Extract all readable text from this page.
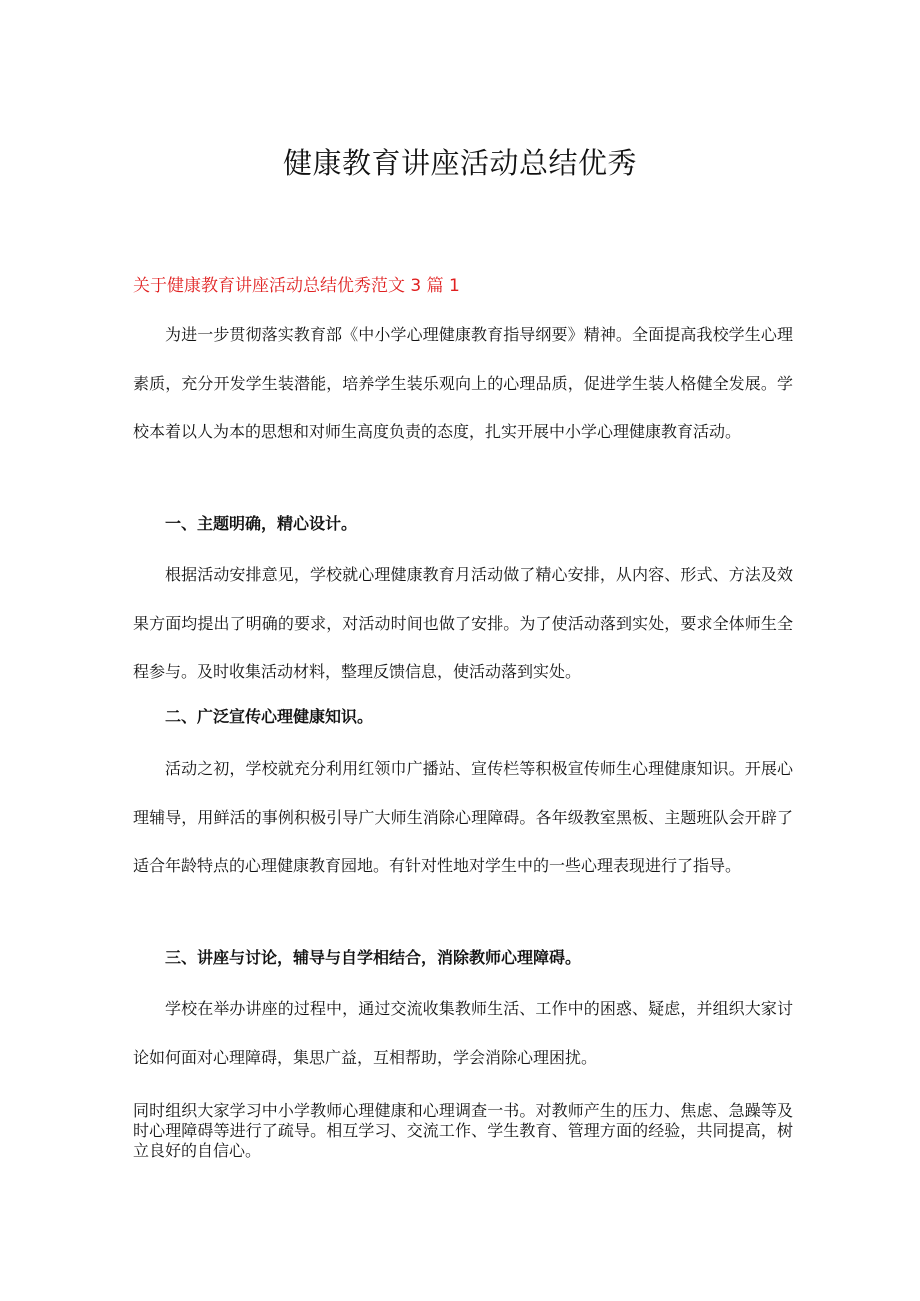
健康教育讲座活动总结优秀

关于健康教育讲座活动总结优秀范文 3 篇 1

为进一步贯彻落实教育部《中小学心理健康教育指导纲要》精神。全面提高我校学生心理素质，充分开发学生装潜能，培养学生装乐观向上的心理品质，促进学生装人格健全发展。学校本着以人为本的思想和对师生高度负责的态度，扎实开展中小学心理健康教育活动。

一、主题明确，精心设计。

根据活动安排意见，学校就心理健康教育月活动做了精心安排，从内容、形式、方法及效果方面均提出了明确的要求，对活动时间也做了安排。为了使活动落到实处，要求全体师生全程参与。及时收集活动材料，整理反馈信息，使活动落到实处。

二、广泛宣传心理健康知识。

活动之初，学校就充分利用红领巾广播站、宣传栏等积极宣传师生心理健康知识。开展心理辅导，用鲜活的事例积极引导广大师生消除心理障碍。各年级教室黑板、主题班队会开辟了适合年龄特点的心理健康教育园地。有针对性地对学生中的一些心理表现进行了指导。

三、讲座与讨论，辅导与自学相结合，消除教师心理障碍。

学校在举办讲座的过程中，通过交流收集教师生活、工作中的困惑、疑虑，并组织大家讨论如何面对心理障碍，集思广益，互相帮助，学会消除心理困扰。

同时组织大家学习中小学教师心理健康和心理调查一书。对教师产生的压力、焦虑、急躁等及时心理障碍等进行了疏导。相互学习、交流工作、学生教育、管理方面的经验，共同提高，树立良好的自信心。
